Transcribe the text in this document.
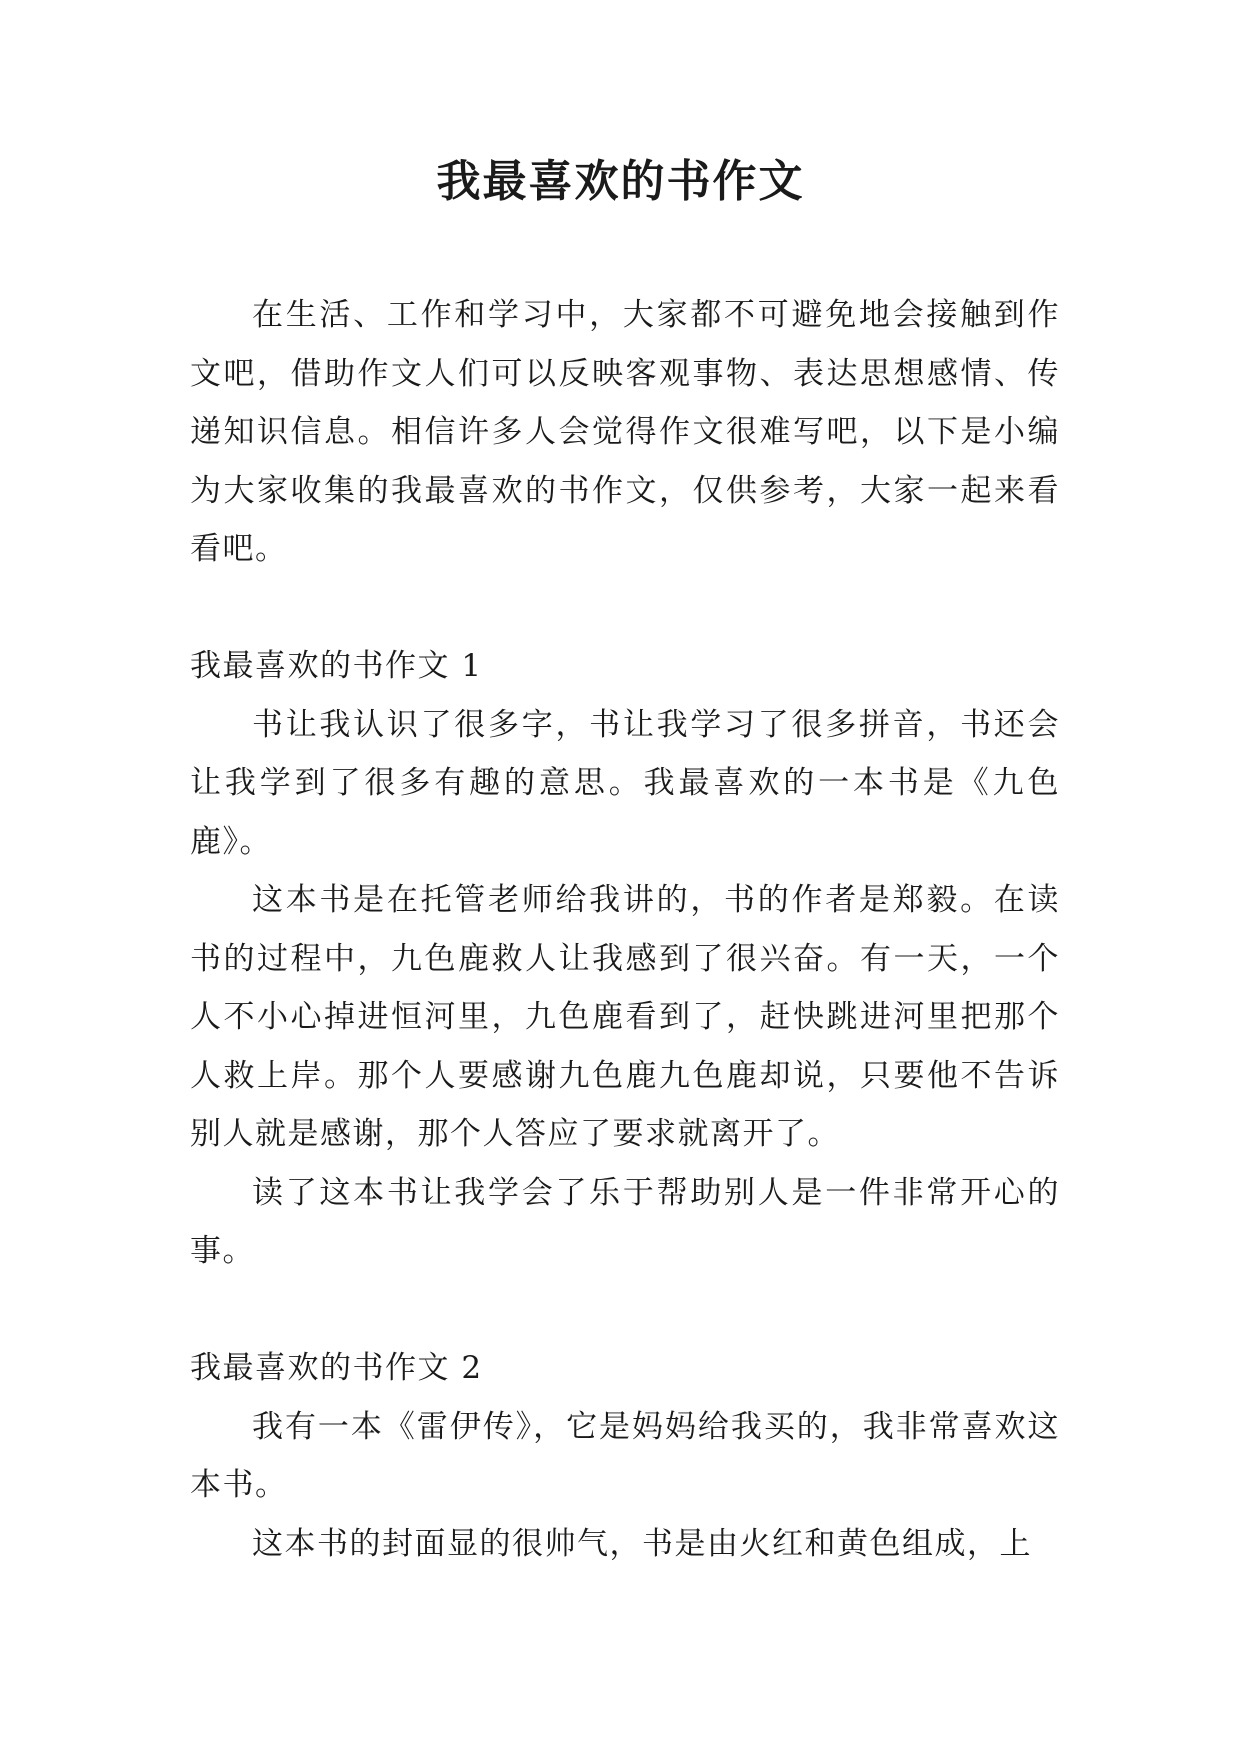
我最喜欢的书作文

在生活、工作和学习中，大家都不可避免地会接触到作文吧，借助作文人们可以反映客观事物、表达思想感情、传递知识信息。相信许多人会觉得作文很难写吧，以下是小编为大家收集的我最喜欢的书作文，仅供参考，大家一起来看看吧。

我最喜欢的书作文 1

书让我认识了很多字，书让我学习了很多拼音，书还会让我学到了很多有趣的意思。我最喜欢的一本书是《九色鹿》。

这本书是在托管老师给我讲的，书的作者是郑毅。在读书的过程中，九色鹿救人让我感到了很兴奋。有一天，一个人不小心掉进恒河里，九色鹿看到了，赶快跳进河里把那个人救上岸。那个人要感谢九色鹿九色鹿却说，只要他不告诉别人就是感谢，那个人答应了要求就离开了。

读了这本书让我学会了乐于帮助别人是一件非常开心的事。

我最喜欢的书作文 2

我有一本《雷伊传》，它是妈妈给我买的，我非常喜欢这本书。

这本书的封面显的很帅气，书是由火红和黄色组成，上
